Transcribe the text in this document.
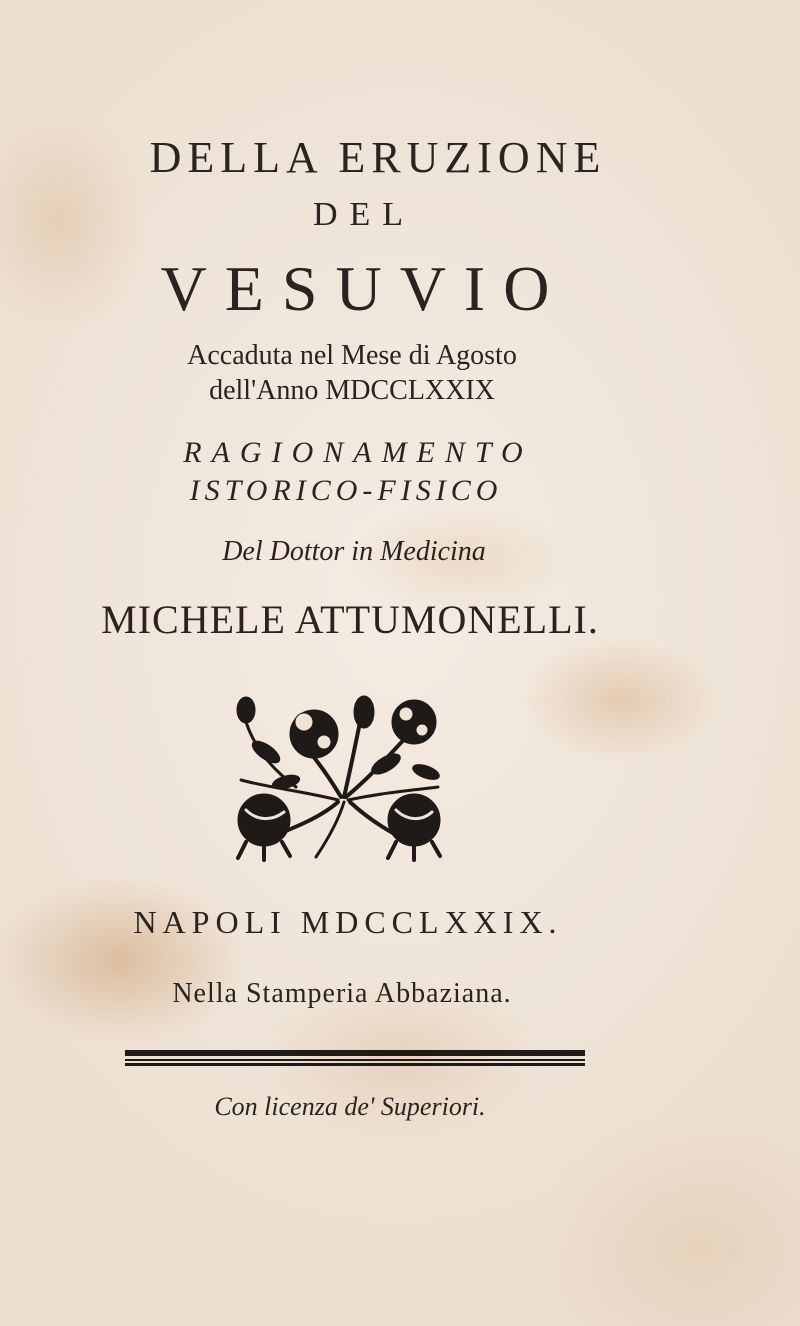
DELLA ERUZIONE
DEL
VESUVIO
Accaduta nel Mese di Agosto
dell'Anno MDCCLXXIX
RAGIONAMENTO
ISTORICO-FISICO
Del Dottor in Medicina
MICHELE ATTUMONELLI.
NAPOLI MDCCLXXIX.
Nella Stamperia Abbaziana.
Con licenza de' Superiori.
